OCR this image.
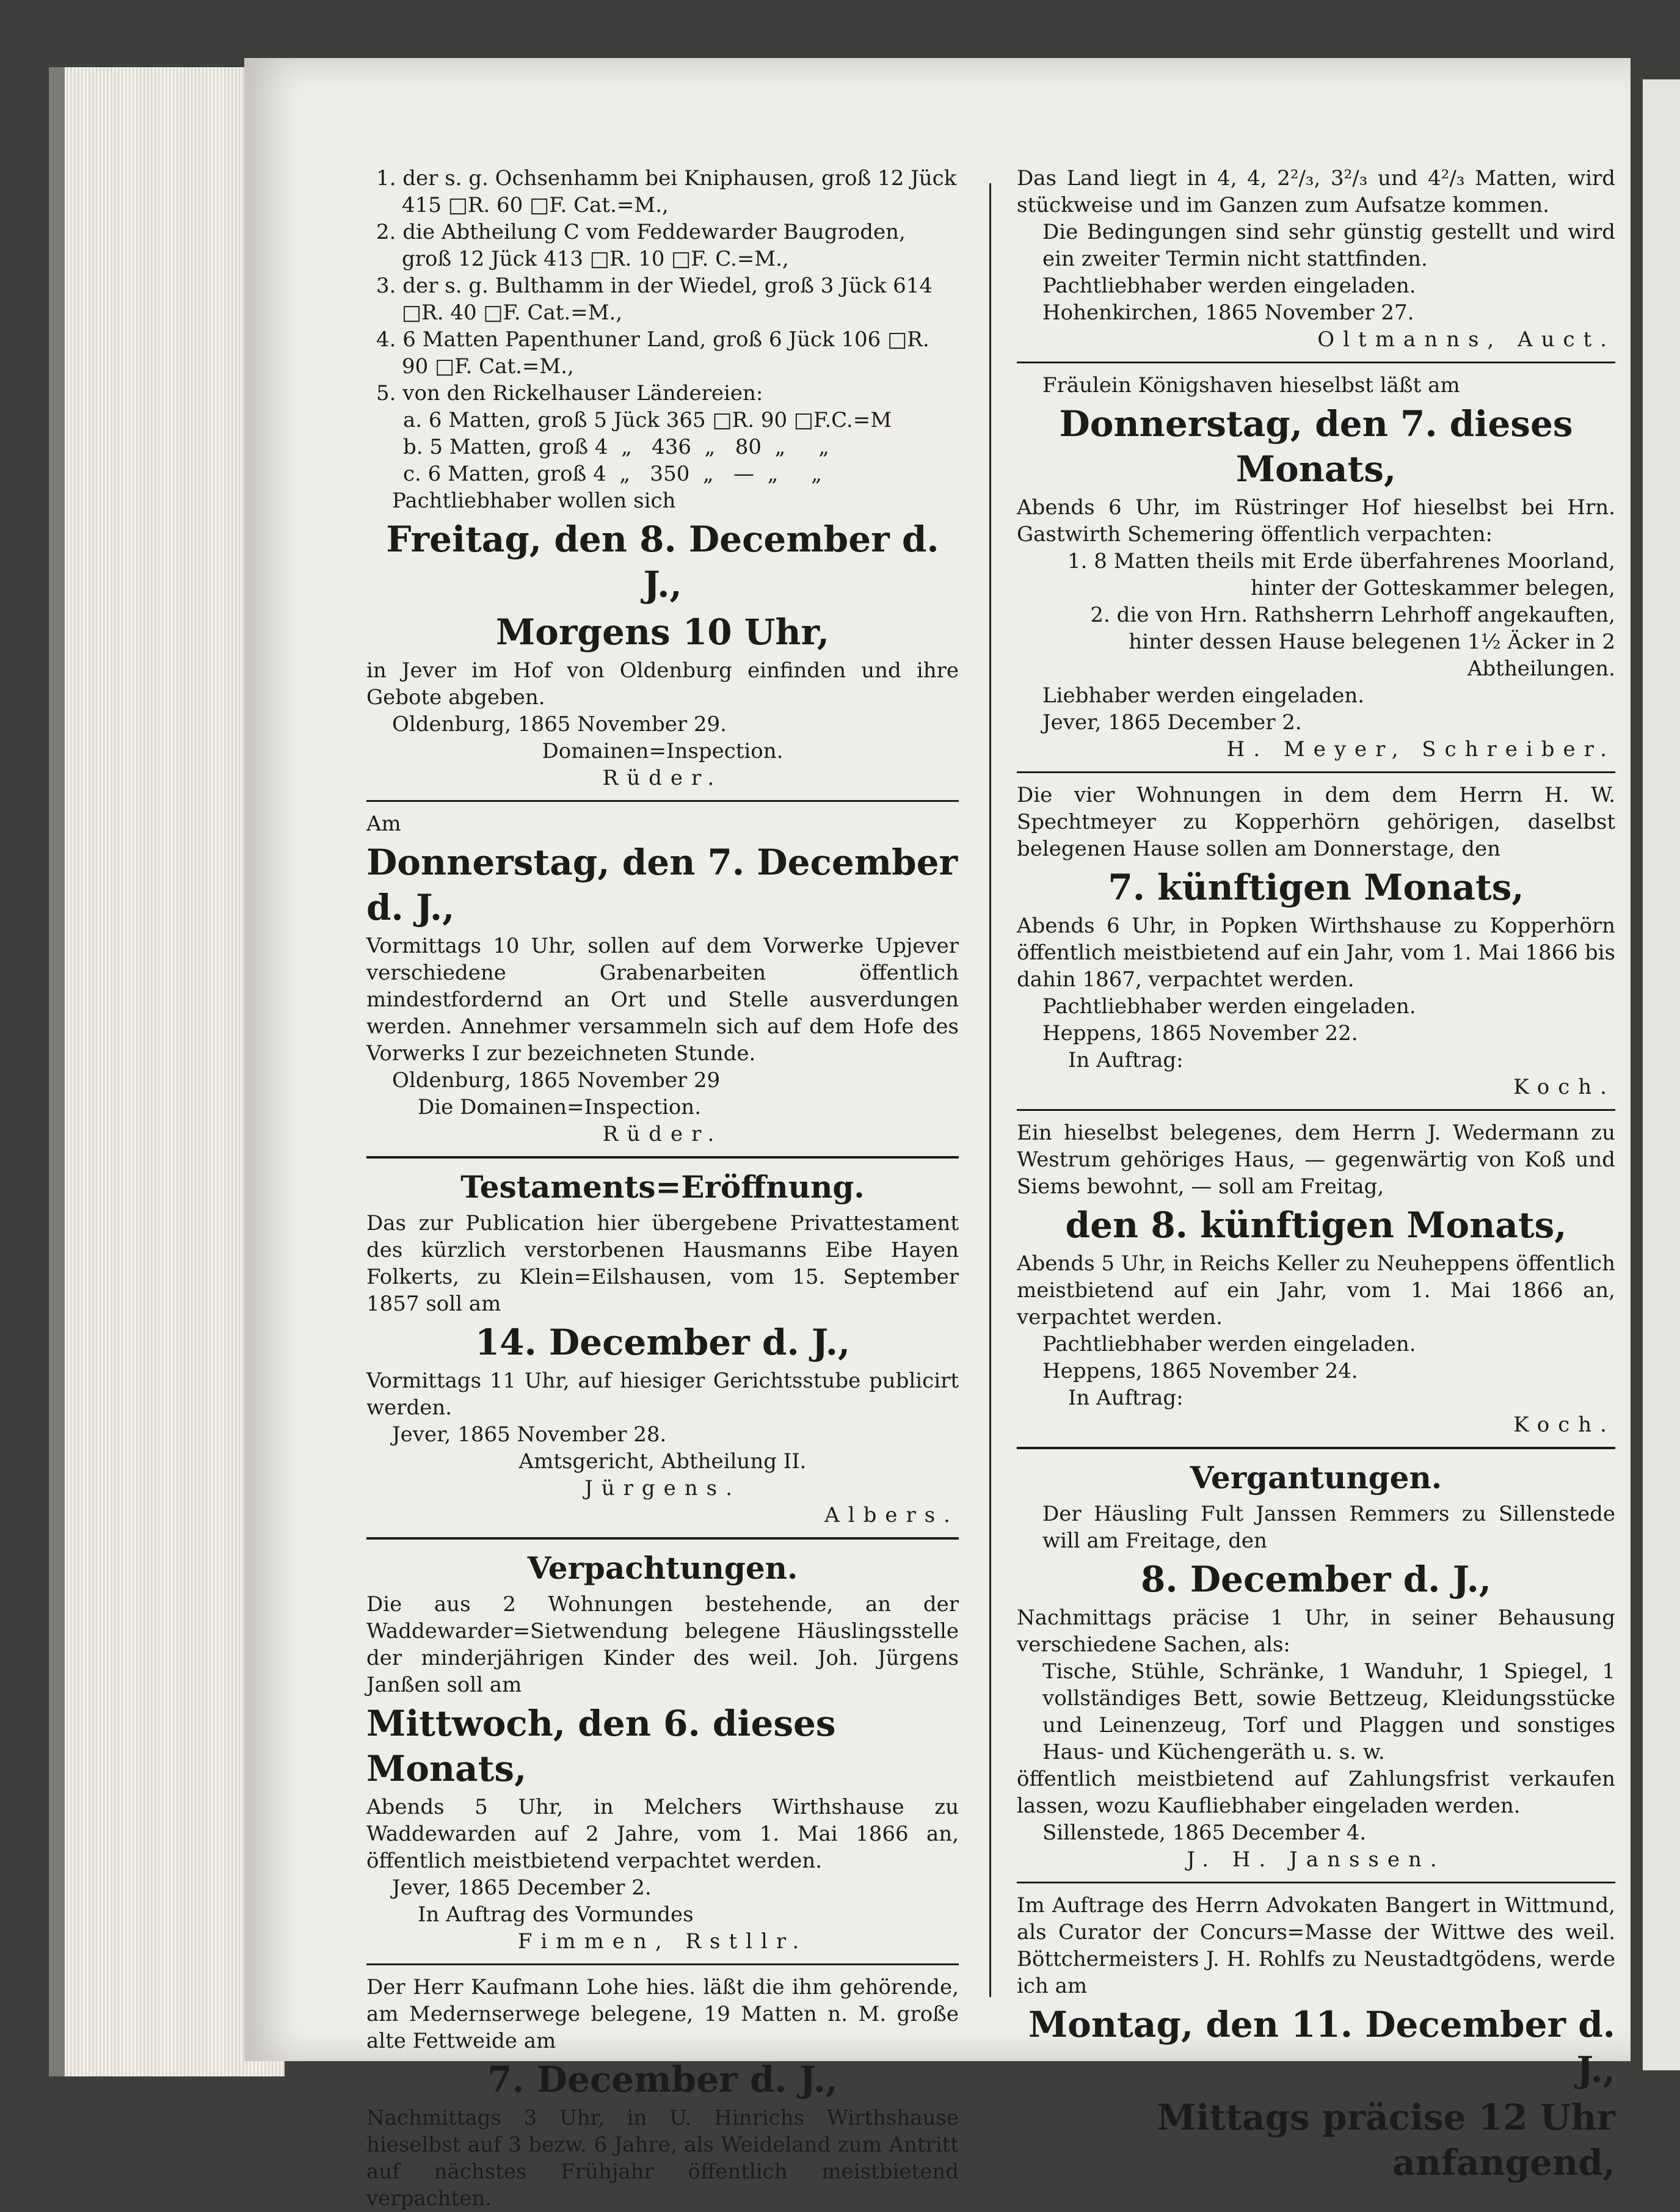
1. der s. g. Ochsenhamm bei Kniphausen, groß 12 Jück 415 □R. 60 □F. Cat.=M.,

2. die Abtheilung C vom Feddewarder Baugroden, groß 12 Jück 413 □R. 10 □F. C.=M.,

3. der s. g. Bulthamm in der Wiedel, groß 3 Jück 614 □R. 40 □F. Cat.=M.,

4. 6 Matten Papenthuner Land, groß 6 Jück 106 □R. 90 □F. Cat.=M.,

5. von den Rickelhauser Ländereien:

a. 6 Matten, groß 5 Jück 365 □R. 90 □F.C.=M

b. 5 Matten, groß 4  „   436  „   80  „     „

c. 6 Matten, groß 4  „   350  „   —  „     „

Pachtliebhaber wollen sich

Freitag, den 8. December d. J.,
Morgens 10 Uhr,

in Jever im Hof von Oldenburg einfinden und ihre Gebote abgeben.

Oldenburg, 1865 November 29.

Domainen=Inspection.

Rüder.

Am

Donnerstag, den 7. December d. J.,

Vormittags 10 Uhr, sollen auf dem Vorwerke Upjever verschiedene Grabenarbeiten öffentlich mindestfordernd an Ort und Stelle ausverdungen werden. Annehmer versammeln sich auf dem Hofe des Vorwerks I zur bezeichneten Stunde.

Oldenburg, 1865 November 29

Die Domainen=Inspection.

Rüder.

Testaments=Eröffnung.

Das zur Publication hier übergebene Privattestament des kürzlich verstorbenen Hausmanns Eibe Hayen Folkerts, zu Klein=Eilshausen, vom 15. September 1857 soll am

14. December d. J.,

Vormittags 11 Uhr, auf hiesiger Gerichtsstube publicirt werden.

Jever, 1865 November 28.

Amtsgericht, Abtheilung II.

Jürgens.

Albers.

Verpachtungen.

Die aus 2 Wohnungen bestehende, an der Waddewarder=Sietwendung belegene Häuslingsstelle der minderjährigen Kinder des weil. Joh. Jürgens Janßen soll am

Mittwoch, den 6. dieses Monats,

Abends 5 Uhr, in Melchers Wirthshause zu Waddewarden auf 2 Jahre, vom 1. Mai 1866 an, öffentlich meistbietend verpachtet werden.

Jever, 1865 December 2.

In Auftrag des Vormundes

Fimmen, Rstllr.

Der Herr Kaufmann Lohe hies. läßt die ihm gehörende, am Medernserwege belegene, 19 Matten n. M. große alte Fettweide am

7. December d. J.,

Nachmittags 3 Uhr, in U. Hinrichs Wirthshause hieselbst auf 3 bezw. 6 Jahre, als Weideland zum Antritt auf nächstes Frühjahr öffentlich meistbietend verpachten.

Das Land liegt in 4, 4, 2²/₃, 3²/₃ und 4²/₃ Matten, wird stückweise und im Ganzen zum Aufsatze kommen.

Die Bedingungen sind sehr günstig gestellt und wird ein zweiter Termin nicht stattfinden.

Pachtliebhaber werden eingeladen.

Hohenkirchen, 1865 November 27.

Oltmanns, Auct.

Fräulein Königshaven hieselbst läßt am

Donnerstag, den 7. dieses Monats,

Abends 6 Uhr, im Rüstringer Hof hieselbst bei Hrn. Gastwirth Schemering öffentlich verpachten:

1. 8 Matten theils mit Erde überfahrenes Moorland, hinter der Gotteskammer belegen,

2. die von Hrn. Rathsherrn Lehrhoff angekauften, hinter dessen Hause belegenen 1½ Äcker in 2 Abtheilungen.

Liebhaber werden eingeladen.

Jever, 1865 December 2.

H. Meyer, Schreiber.

Die vier Wohnungen in dem dem Herrn H. W. Spechtmeyer zu Kopperhörn gehörigen, daselbst belegenen Hause sollen am Donnerstage, den

7. künftigen Monats,

Abends 6 Uhr, in Popken Wirthshause zu Kopperhörn öffentlich meistbietend auf ein Jahr, vom 1. Mai 1866 bis dahin 1867, verpachtet werden.

Pachtliebhaber werden eingeladen.

Heppens, 1865 November 22.

In Auftrag:

Koch.

Ein hieselbst belegenes, dem Herrn J. Wedermann zu Westrum gehöriges Haus, — gegenwärtig von Koß und Siems bewohnt, — soll am Freitag,

den 8. künftigen Monats,

Abends 5 Uhr, in Reichs Keller zu Neuheppens öffentlich meistbietend auf ein Jahr, vom 1. Mai 1866 an, verpachtet werden.

Pachtliebhaber werden eingeladen.

Heppens, 1865 November 24.

In Auftrag:

Koch.

Vergantungen.

Der Häusling Fult Janssen Remmers zu Sillenstede will am Freitage, den

8. December d. J.,

Nachmittags präcise 1 Uhr, in seiner Behausung verschiedene Sachen, als:

Tische, Stühle, Schränke, 1 Wanduhr, 1 Spiegel, 1 vollständiges Bett, sowie Bettzeug, Kleidungsstücke und Leinenzeug, Torf und Plaggen und sonstiges Haus- und Küchengeräth u. s. w.

öffentlich meistbietend auf Zahlungsfrist verkaufen lassen, wozu Kaufliebhaber eingeladen werden.

Sillenstede, 1865 December 4.

J. H. Janssen.

Im Auftrage des Herrn Advokaten Bangert in Wittmund, als Curator der Concurs=Masse der Wittwe des weil. Böttchermeisters J. H. Rohlfs zu Neustadtgödens, werde ich am

Montag, den 11. December d. J.,
Mittags präcise 12 Uhr anfangend,
